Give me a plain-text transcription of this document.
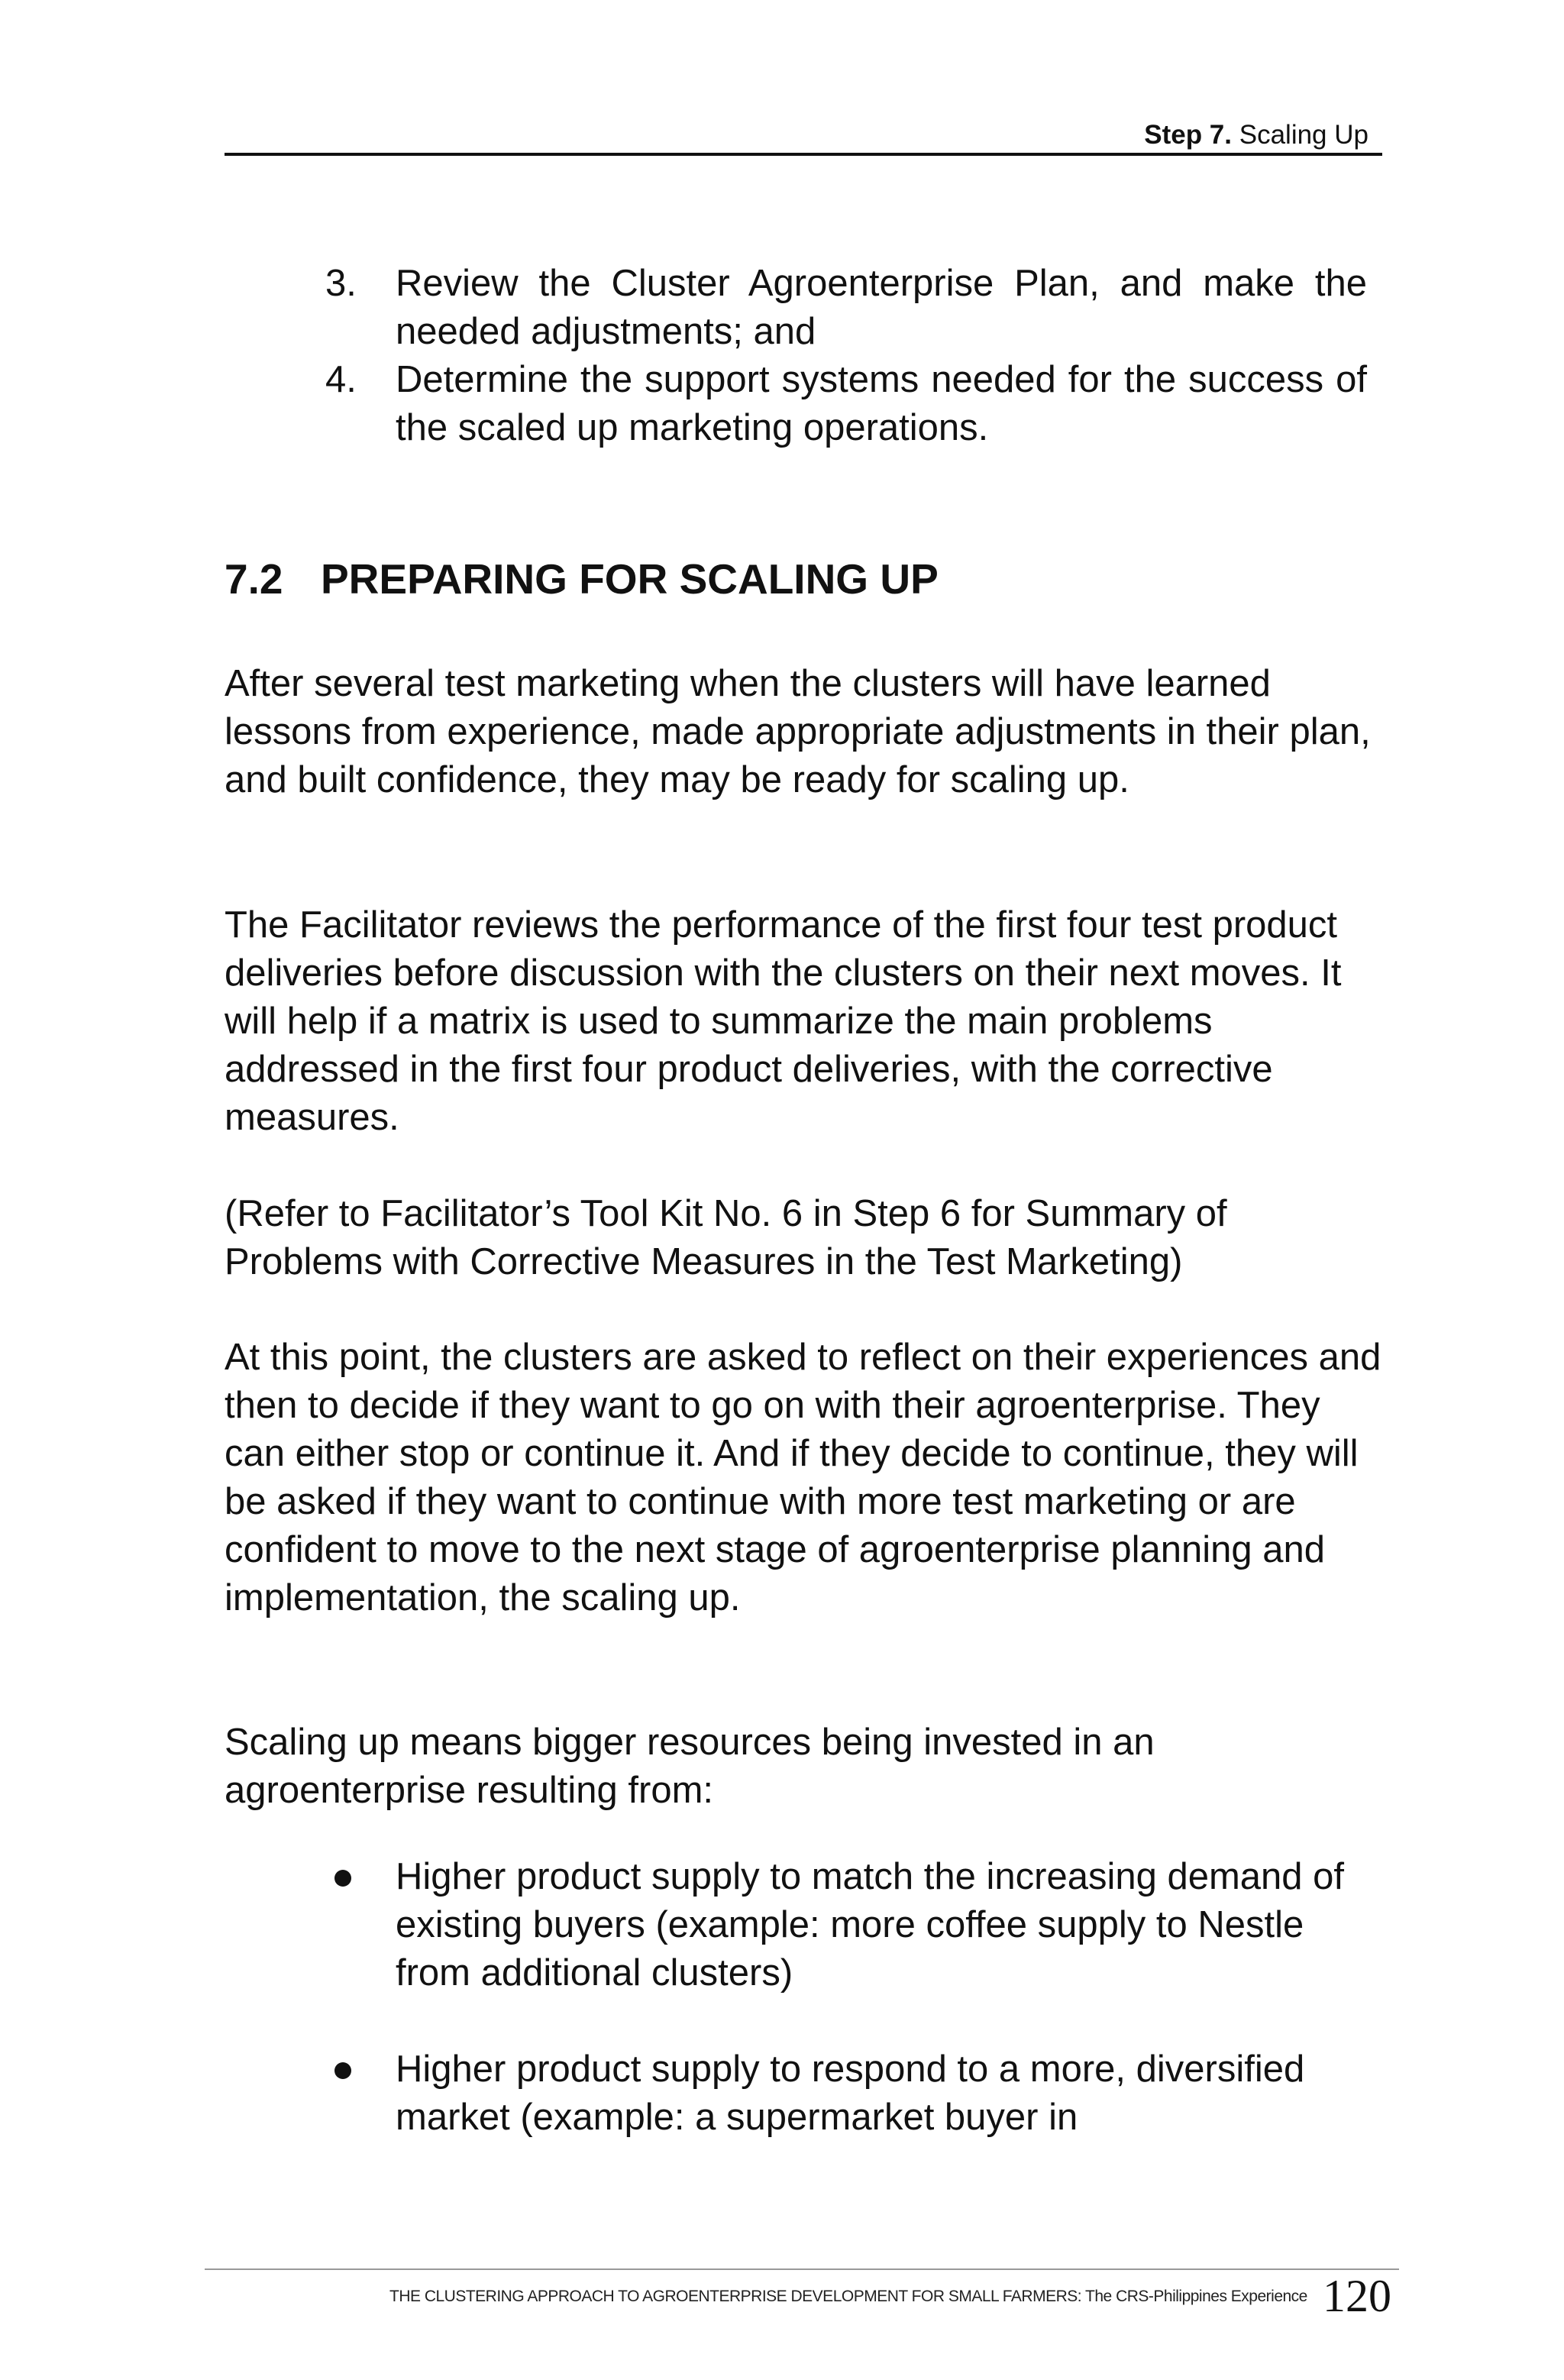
Step 7. Scaling Up
3. Review the Cluster Agroenterprise Plan, and make the needed adjustments; and
4. Determine the support systems needed for the success of the scaled up marketing operations.
7.2 PREPARING FOR SCALING UP

After several test marketing when the clusters will have learned lessons from experience, made appropriate adjustments in their plan, and built confidence, they may be ready for scaling up.

The Facilitator reviews the performance of the first four test product deliveries before discussion with the clusters on their next moves. It will help if a matrix is used to summarize the main problems addressed in the first four product deliveries, with the corrective measures.

(Refer to Facilitator’s Tool Kit No. 6 in Step 6 for Summary of Problems with Corrective Measures in the Test Marketing)

At this point, the clusters are asked to reflect on their experiences and then to decide if they want to go on with their agroenterprise. They can either stop or continue it. And if they decide to continue, they will be asked if they want to continue with more test marketing or are confident to move to the next stage of agroenterprise planning and implementation, the scaling up.

Scaling up means bigger resources being invested in an agroenterprise resulting from:

Higher product supply to match the increasing demand of existing buyers (example: more coffee supply to Nestle from additional clusters)
Higher product supply to respond to a more, diversified market (example: a supermarket buyer in
THE CLUSTERING APPROACH TO AGROENTERPRISE DEVELOPMENT FOR SMALL FARMERS: The CRS-Philippines Experience 120
